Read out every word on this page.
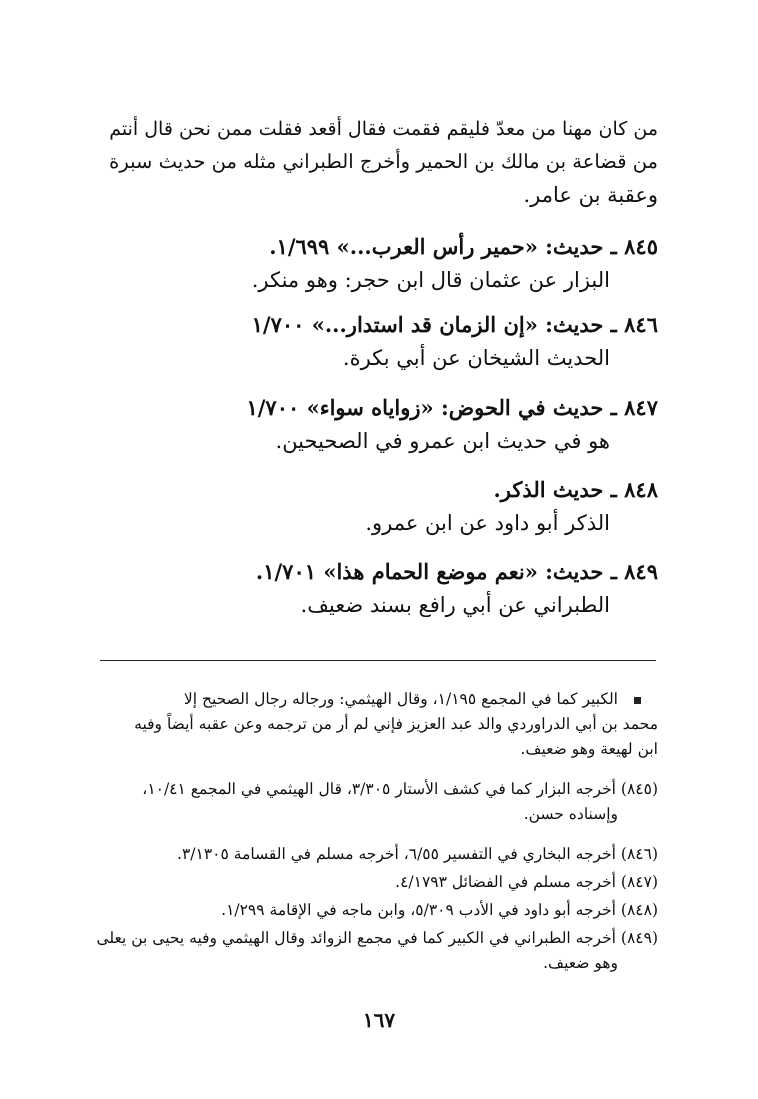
من كان مهنا من معدّ فليقم فقمت فقال أقعد فقلت ممن نحن قال أنتم
من قضاعة بن مالك بن الحمير وأخرج الطبراني مثله من حديث سبرة
وعقبة بن عامر.
٨٤٥ ـ حديث: «حمير رأس العرب...» ١/٦٩٩.
البزار عن عثمان قال ابن حجر: وهو منكر.
٨٤٦ ـ حديث: «إن الزمان قد استدار...» ١/٧٠٠
الحديث الشيخان عن أبي بكرة.
٨٤٧ ـ حديث في الحوض: «زواياه سواء» ١/٧٠٠
هو في حديث ابن عمرو في الصحيحين.
٨٤٨ ـ حديث الذكر.
الذكر أبو داود عن ابن عمرو.
٨٤٩ ـ حديث: «نعم موضع الحمام هذا» ١/٧٠١.
الطبراني عن أبي رافع بسند ضعيف.
الكبير كما في المجمع ١/١٩٥، وقال الهيثمي: ورجاله رجال الصحيح إلا
محمد بن أبي الدراوردي والد عبد العزيز فإني لم أر من ترجمه وعن عقبه أيضاً وفيه
ابن لهيعة وهو ضعيف.
(٨٤٥) أخرجه البزار كما في كشف الأستار ٣/٣٠٥، قال الهيثمي في المجمع ١٠/٤١،
وإسناده حسن.
(٨٤٦) أخرجه البخاري في التفسير ٦/٥٥، أخرجه مسلم في القسامة ٣/١٣٠٥.
(٨٤٧) أخرجه مسلم في الفضائل ٤/١٧٩٣.
(٨٤٨) أخرجه أبو داود في الأدب ٥/٣٠٩، وابن ماجه في الإقامة ١/٢٩٩.
(٨٤٩) أخرجه الطبراني في الكبير كما في مجمع الزوائد وقال الهيثمي وفيه يحيى بن يعلى
وهو ضعيف.
١٦٧
